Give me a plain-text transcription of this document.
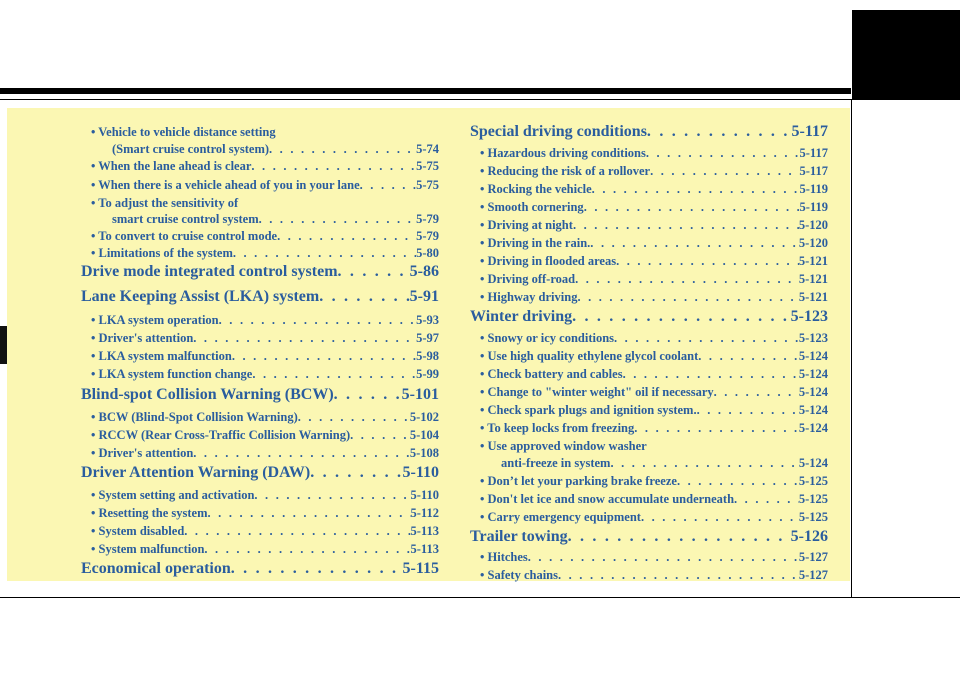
• Vehicle to vehicle distance setting
(Smart cruise control system) . . .	5-74
• When the lane ahead is clear . . .	5-75
• When there is a vehicle ahead of you in your lane . . .	5-75
• To adjust the sensitivity of
smart cruise control system . . .	5-79
• To convert to cruise control mode . . .	5-79
• Limitations of the system . . .	5-80
Drive mode integrated control system . . .	5-86
Lane Keeping Assist (LKA) system . . .	5-91
• LKA system operation . . .	5-93
• Driver's attention . . .	5-97
• LKA system malfunction . . .	5-98
• LKA system function change . . .	5-99
Blind-spot Collision Warning (BCW) . . .	5-101
• BCW (Blind-Spot Collision Warning) . . .	5-102
• RCCW (Rear Cross-Traffic Collision Warning) . . .	5-104
• Driver's attention . . .	5-108
Driver Attention Warning (DAW) . . .	5-110
• System setting and activation . . .	5-110
• Resetting the system . . .	5-112
• System disabled . . .	5-113
• System malfunction . . .	5-113
Economical operation . . .	5-115
Special driving conditions . . .	5-117
• Hazardous driving conditions . . .	5-117
• Reducing the risk of a rollover . . .	5-117
• Rocking the vehicle . . .	5-119
• Smooth cornering . . .	5-119
• Driving at night . . .	5-120
• Driving in the rain. . . .	5-120
• Driving in flooded areas . . .	5-121
• Driving off-road . . .	5-121
• Highway driving . . .	5-121
Winter driving . . .	5-123
• Snowy or icy conditions . . .	5-123
• Use high quality ethylene glycol coolant . . .	5-124
• Check battery and cables . . .	5-124
• Change to "winter weight" oil if necessary . . .	5-124
• Check spark plugs and ignition system. . . .	5-124
• To keep locks from freezing . . .	5-124
• Use approved window washer
anti-freeze in system . . .	5-124
• Don’t let your parking brake freeze . . .	5-125
• Don't let ice and snow accumulate underneath . . .	5-125
• Carry emergency equipment . . .	5-125
Trailer towing . . .	5-126
• Hitches . . .	5-127
• Safety chains . . .	5-127
